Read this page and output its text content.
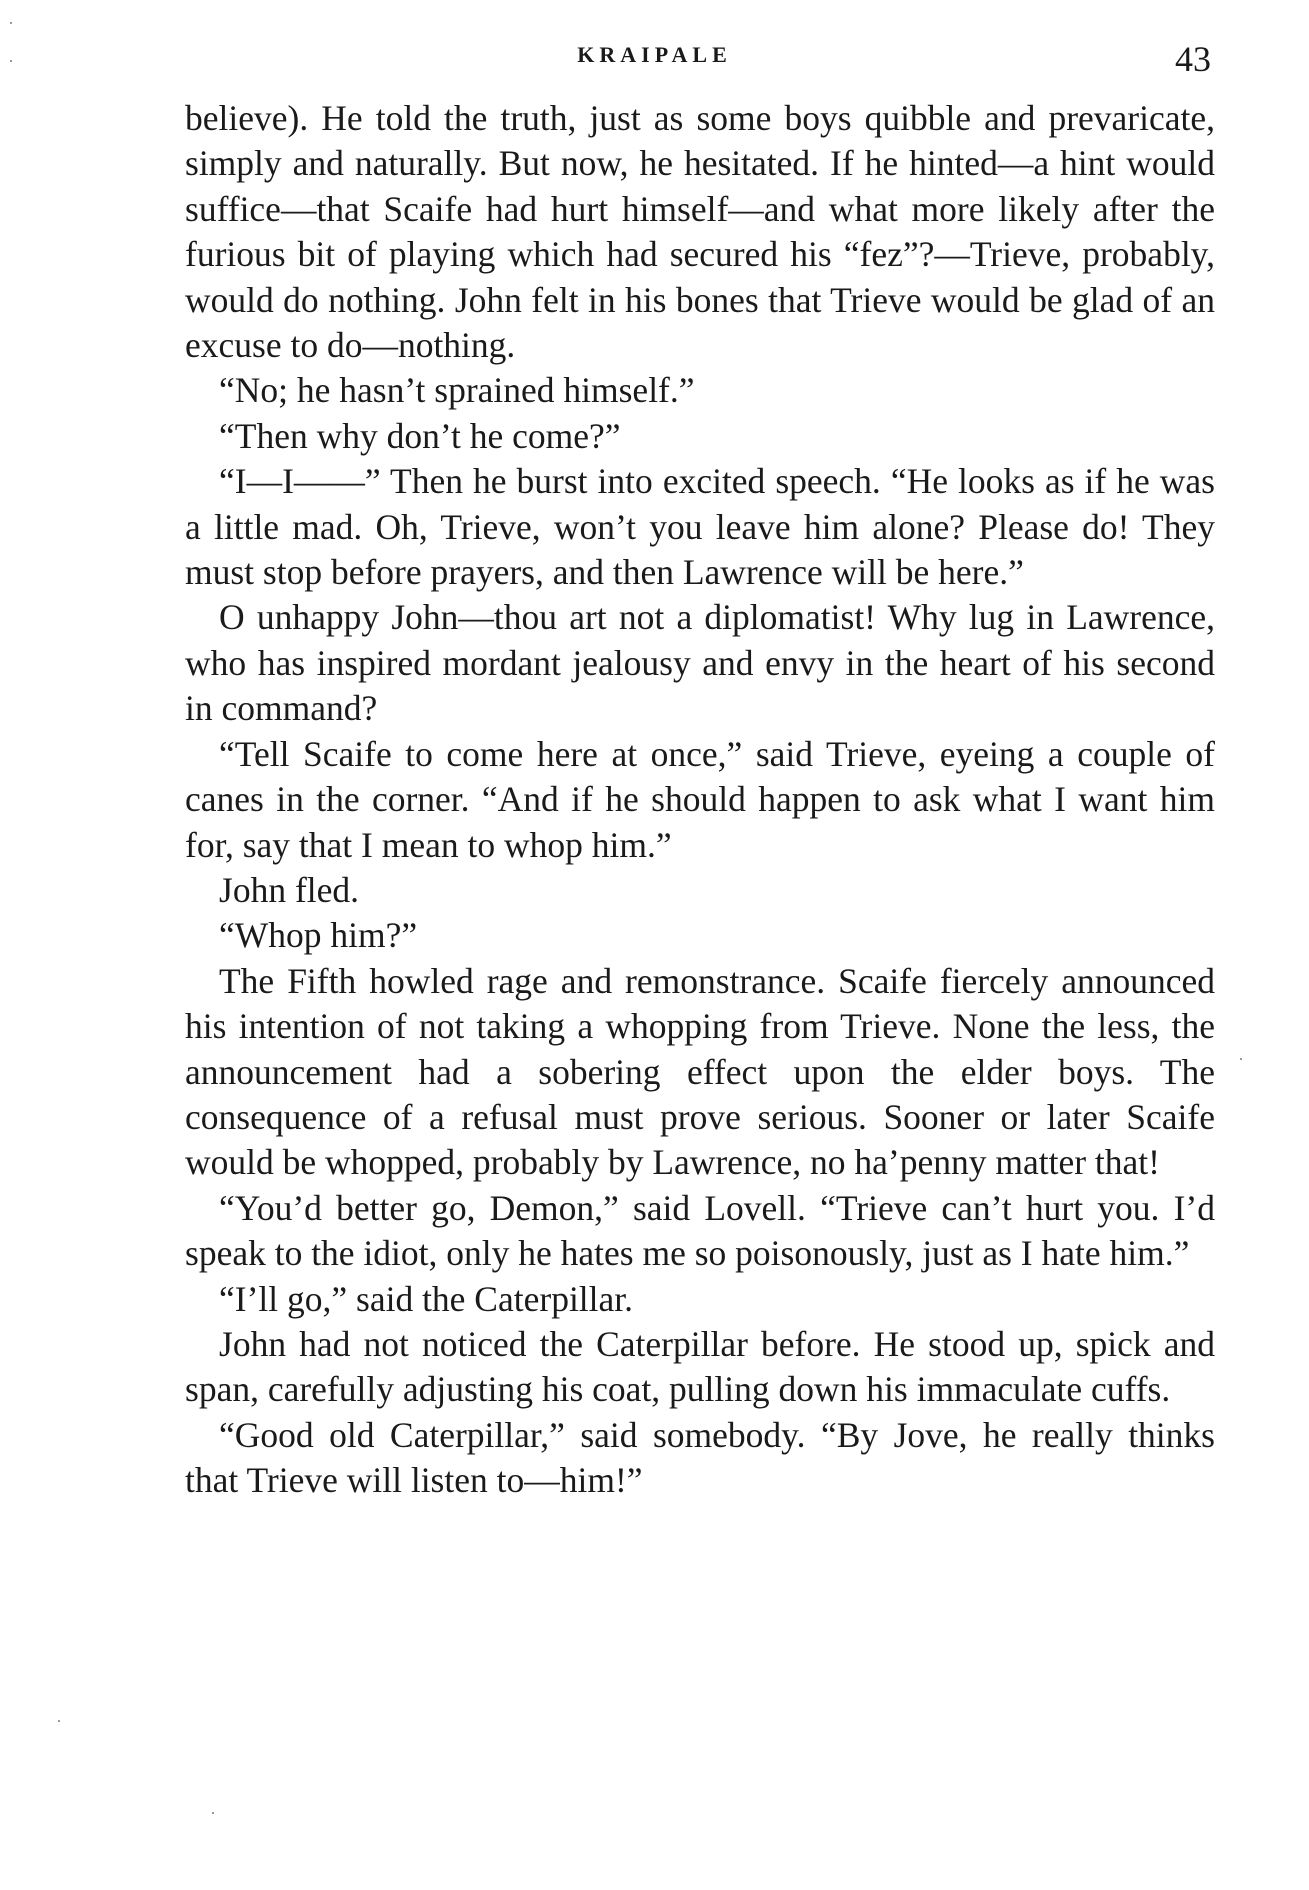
KRAIPALE	43

believe). He told the truth, just as some boys quibble and prevaricate, simply and naturally. But now, he hesitated. If he hinted—a hint would suffice—that Scaife had hurt himself—and what more likely after the furious bit of playing which had secured his “fez”?—Trieve, probably, would do nothing. John felt in his bones that Trieve would be glad of an excuse to do—nothing.

“No; he hasn’t sprained himself.”

“Then why don’t he come?”

“I—I——” Then he burst into excited speech. “He looks as if he was a little mad. Oh, Trieve, won’t you leave him alone? Please do! They must stop before prayers, and then Lawrence will be here.”

O unhappy John—thou art not a diplomatist! Why lug in Lawrence, who has inspired mordant jealousy and envy in the heart of his second in command?

“Tell Scaife to come here at once,” said Trieve, eyeing a couple of canes in the corner. “And if he should happen to ask what I want him for, say that I mean to whop him.”

John fled.

“Whop him?”

The Fifth howled rage and remonstrance. Scaife fiercely announced his intention of not taking a whopping from Trieve. None the less, the announcement had a sobering effect upon the elder boys. The consequence of a refusal must prove serious. Sooner or later Scaife would be whopped, probably by Lawrence, no ha’penny matter that!

“You’d better go, Demon,” said Lovell. “Trieve can’t hurt you. I’d speak to the idiot, only he hates me so poisonously, just as I hate him.”

“I’ll go,” said the Caterpillar.

John had not noticed the Caterpillar before. He stood up, spick and span, carefully adjusting his coat, pulling down his immaculate cuffs.

“Good old Caterpillar,” said somebody. “By Jove, he really thinks that Trieve will listen to—him!”
